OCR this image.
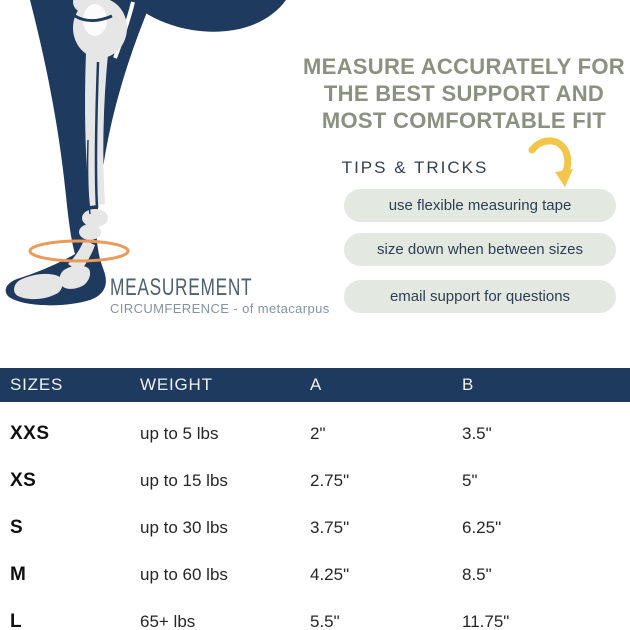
MEASUREMENT
CIRCUMFERENCE - of metacarpus
MEASURE ACCURATELY FOR
THE BEST SUPPORT AND
MOST COMFORTABLE FIT
TIPS & TRICKS
use flexible measuring tape
size down when between sizes
email support for questions
SIZES	WEIGHT	A	B
XXS	up to 5 lbs	2"	3.5"
XS	up to 15 lbs	2.75"	5"
S	up to 30 lbs	3.75"	6.25"
M	up to 60 lbs	4.25"	8.5"
L	65+ lbs	5.5"	11.75"
